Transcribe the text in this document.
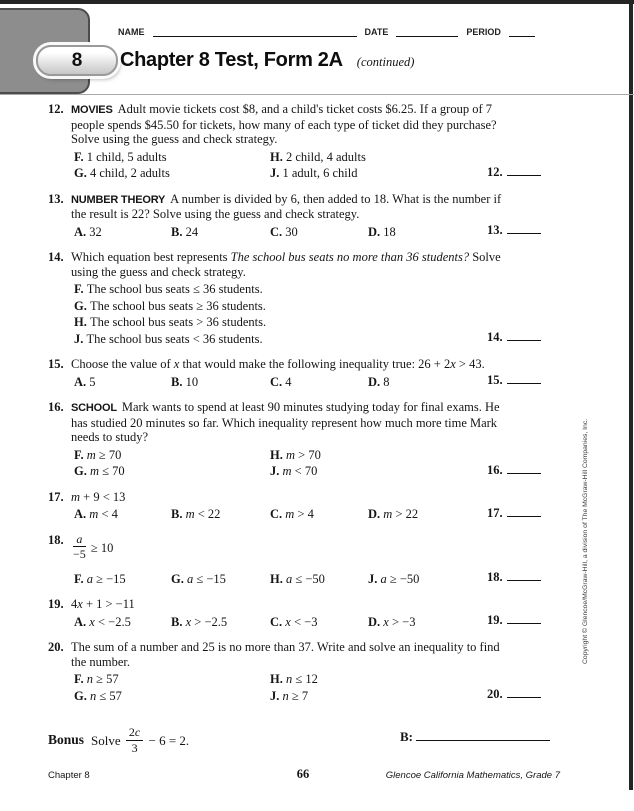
8
NAME	DATE	PERIOD
Chapter 8 Test, Form 2A (continued)
12. MOVIES Adult movie tickets cost $8, and a child's ticket costs $6.25. If a group of 7 people spends $45.50 for tickets, how many of each type of ticket did they purchase? Solve using the guess and check strategy.
F. 1 child, 5 adults	H. 2 child, 4 adults
G. 4 child, 2 adults	J. 1 adult, 6 child	12.
13. NUMBER THEORY A number is divided by 6, then added to 18. What is the number if the result is 22? Solve using the guess and check strategy.
A. 32	B. 24	C. 30	D. 18	13.
14. Which equation best represents The school bus seats no more than 36 students? Solve using the guess and check strategy.
F. The school bus seats ≤ 36 students.
G. The school bus seats ≥ 36 students.
H. The school bus seats > 36 students.
J. The school bus seats < 36 students.	14.
15. Choose the value of x that would make the following inequality true: 26 + 2x > 43.
A. 5	B. 10	C. 4	D. 8	15.
16. SCHOOL Mark wants to spend at least 90 minutes studying today for final exams. He has studied 20 minutes so far. Which inequality represent how much more time Mark needs to study?
F. m ≥ 70	H. m > 70
G. m ≤ 70	J. m < 70	16.
17. m + 9 < 13
A. m < 4	B. m < 22	C. m > 4	D. m > 22	17.
18. $\frac{a}{-5} \ge 10$
F. a ≥ −15	G. a ≤ −15	H. a ≤ −50	J. a ≥ −50	18.
19. 4x + 1 > −11
A. x < −2.5	B. x > −2.5	C. x < −3	D. x > −3	19.
20. The sum of a number and 25 is no more than 37. Write and solve an inequality to find the number.
F. n ≥ 57	H. n ≤ 12
G. n ≤ 57	J. n ≥ 7	20.
Bonus Solve $\frac{2c}{3} - 6 = 2$.	B:
Copyright © Glencoe/McGraw-Hill, a division of The McGraw-Hill Companies, Inc.
Chapter 8	66	Glencoe California Mathematics, Grade 7
